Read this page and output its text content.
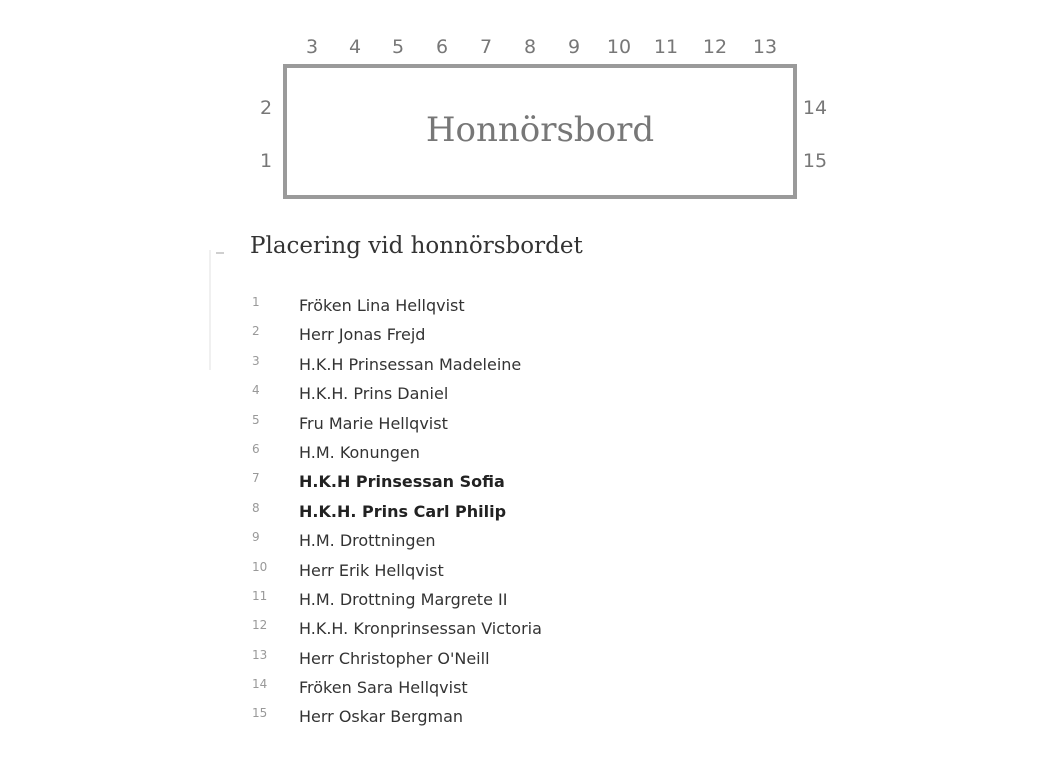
3	4	5	6	7	8	9	10	11	12	13
2
1
14
15
Honnörsbord
Placering vid honnörsbordet
1	Fröken Lina Hellqvist
2	Herr Jonas Frejd
3	H.K.H Prinsessan Madeleine
4	H.K.H. Prins Daniel
5	Fru Marie Hellqvist
6	H.M. Konungen
7	H.K.H Prinsessan Sofia
8	H.K.H. Prins Carl Philip
9	H.M. Drottningen
10	Herr Erik Hellqvist
11	H.M. Drottning Margrete II
12	H.K.H. Kronprinsessan Victoria
13	Herr Christopher O'Neill
14	Fröken Sara Hellqvist
15	Herr Oskar Bergman
